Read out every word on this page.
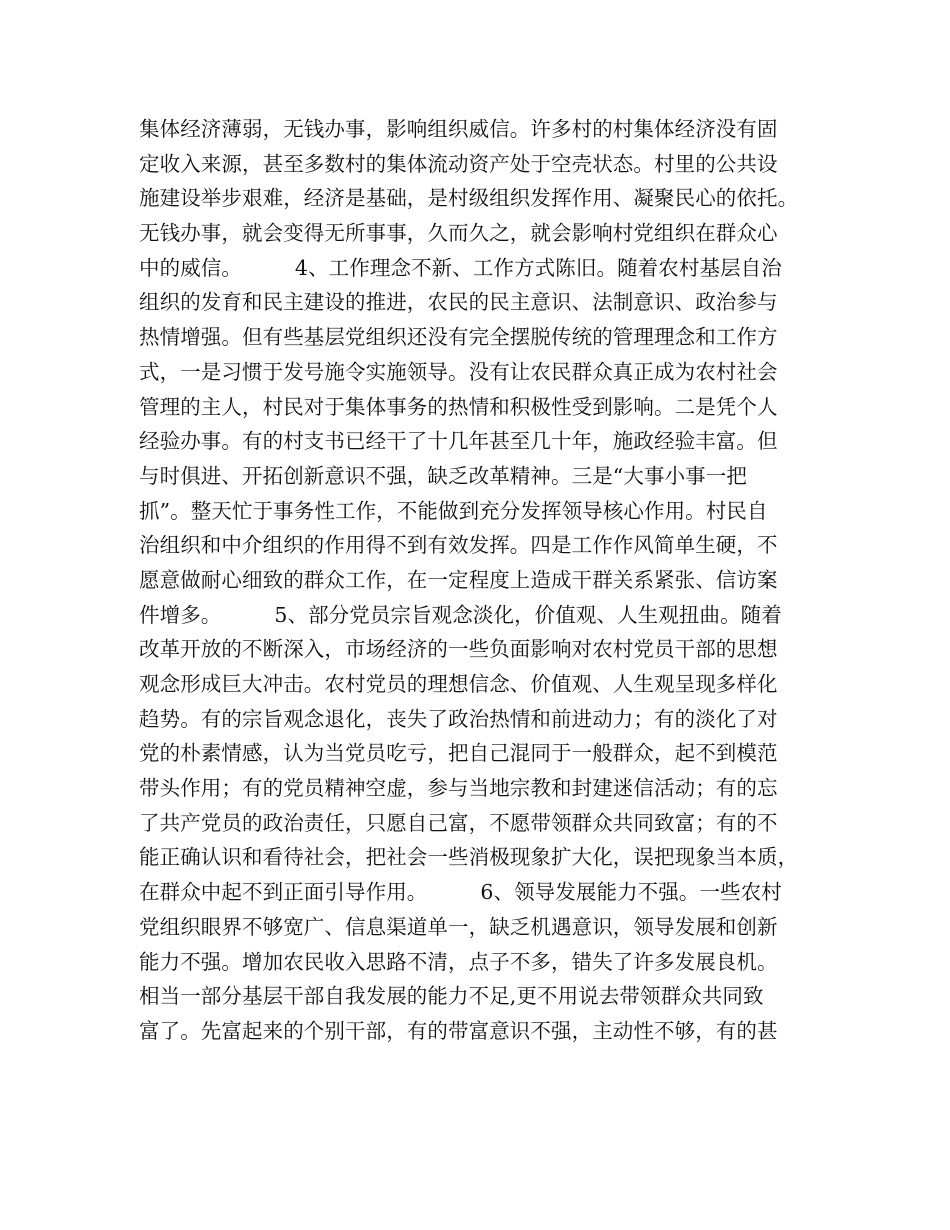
集体经济薄弱，无钱办事，影响组织威信。许多村的村集体经济没有固
定收入来源，甚至多数村的集体流动资产处于空壳状态。村里的公共设
施建设举步艰难，经济是基础，是村级组织发挥作用、凝聚民心的依托。
无钱办事，就会变得无所事事，久而久之，就会影响村党组织在群众心
中的威信。        4、工作理念不新、工作方式陈旧。随着农村基层自治
组织的发育和民主建设的推进，农民的民主意识、法制意识、政治参与
热情增强。但有些基层党组织还没有完全摆脱传统的管理理念和工作方
式，一是习惯于发号施令实施领导。没有让农民群众真正成为农村社会
管理的主人，村民对于集体事务的热情和积极性受到影响。二是凭个人
经验办事。有的村支书已经干了十几年甚至几十年，施政经验丰富。但
与时俱进、开拓创新意识不强，缺乏改革精神。三是“大事小事一把
抓”。整天忙于事务性工作，不能做到充分发挥领导核心作用。村民自
治组织和中介组织的作用得不到有效发挥。四是工作作风简单生硬，不
愿意做耐心细致的群众工作，在一定程度上造成干群关系紧张、信访案
件增多。        5、部分党员宗旨观念淡化，价值观、人生观扭曲。随着
改革开放的不断深入，市场经济的一些负面影响对农村党员干部的思想
观念形成巨大冲击。农村党员的理想信念、价值观、人生观呈现多样化
趋势。有的宗旨观念退化，丧失了政治热情和前进动力；有的淡化了对
党的朴素情感，认为当党员吃亏，把自己混同于一般群众，起不到模范
带头作用；有的党员精神空虚，参与当地宗教和封建迷信活动；有的忘
了共产党员的政治责任，只愿自己富，不愿带领群众共同致富；有的不
能正确认识和看待社会，把社会一些消极现象扩大化，误把现象当本质，
在群众中起不到正面引导作用。        6、领导发展能力不强。一些农村
党组织眼界不够宽广、信息渠道单一，缺乏机遇意识，领导发展和创新
能力不强。增加农民收入思路不清，点子不多，错失了许多发展良机。
相当一部分基层干部自我发展的能力不足,更不用说去带领群众共同致
富了。先富起来的个别干部，有的带富意识不强，主动性不够，有的甚
